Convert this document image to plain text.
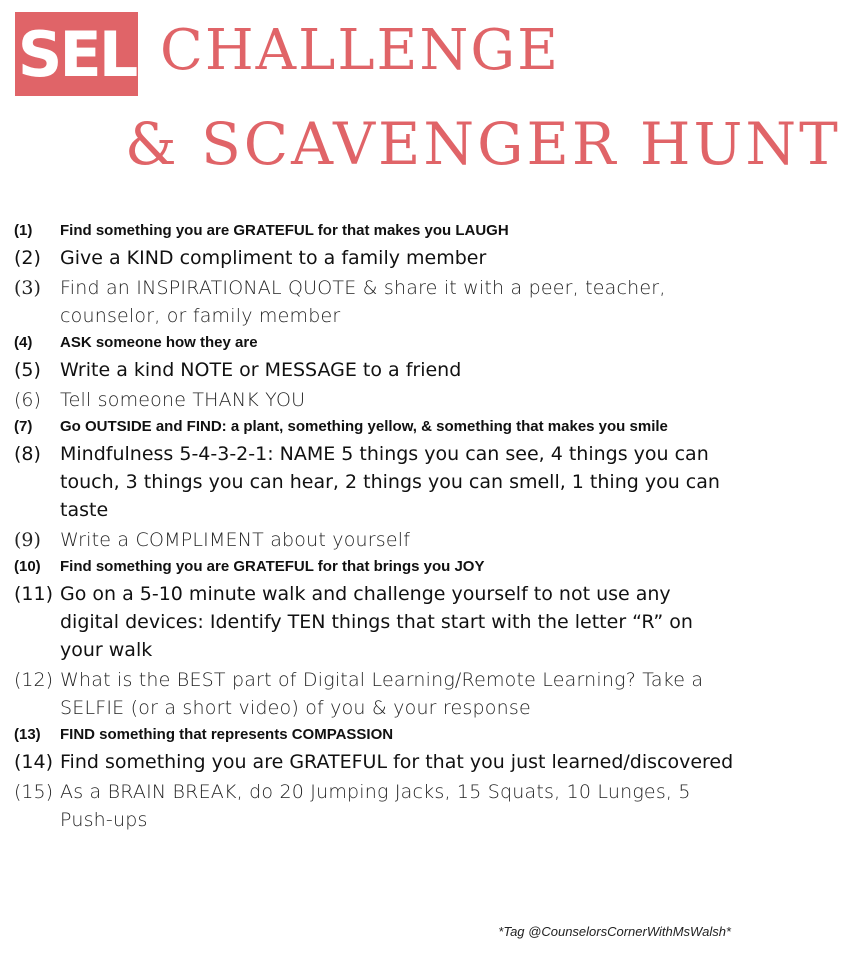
SEL CHALLENGE
& SCAVENGER HUNT
(1)	Find something you are GRATEFUL for that makes you LAUGH
(2)	Give a KIND compliment to a family member
(3)	Find an INSPIRATIONAL QUOTE & share it with a peer, teacher, counselor, or family member
(4)	ASK someone how they are
(5)	Write a kind NOTE or MESSAGE to a friend
(6)	Tell someone THANK YOU
(7)	Go OUTSIDE and FIND: a plant, something yellow, & something that makes you smile
(8)	Mindfulness 5-4-3-2-1: NAME 5 things you can see, 4 things you can touch, 3 things you can hear, 2 things you can smell, 1 thing you can taste
(9)	Write a COMPLIMENT about yourself
(10)	Find something you are GRATEFUL for that brings you JOY
(11) Go on a 5-10 minute walk and challenge yourself to not use any digital devices: Identify TEN things that start with the letter “R” on your walk
(12) What is the BEST part of Digital Learning/Remote Learning? Take a SELFIE (or a short video) of you & your response
(13)	FIND something that represents COMPASSION
(14) Find something you are GRATEFUL for that you just learned/discovered
(15) As a BRAIN BREAK, do 20 Jumping Jacks, 15 Squats, 10 Lunges, 5 Push-ups
*Tag @CounselorsCornerWithMsWalsh*
